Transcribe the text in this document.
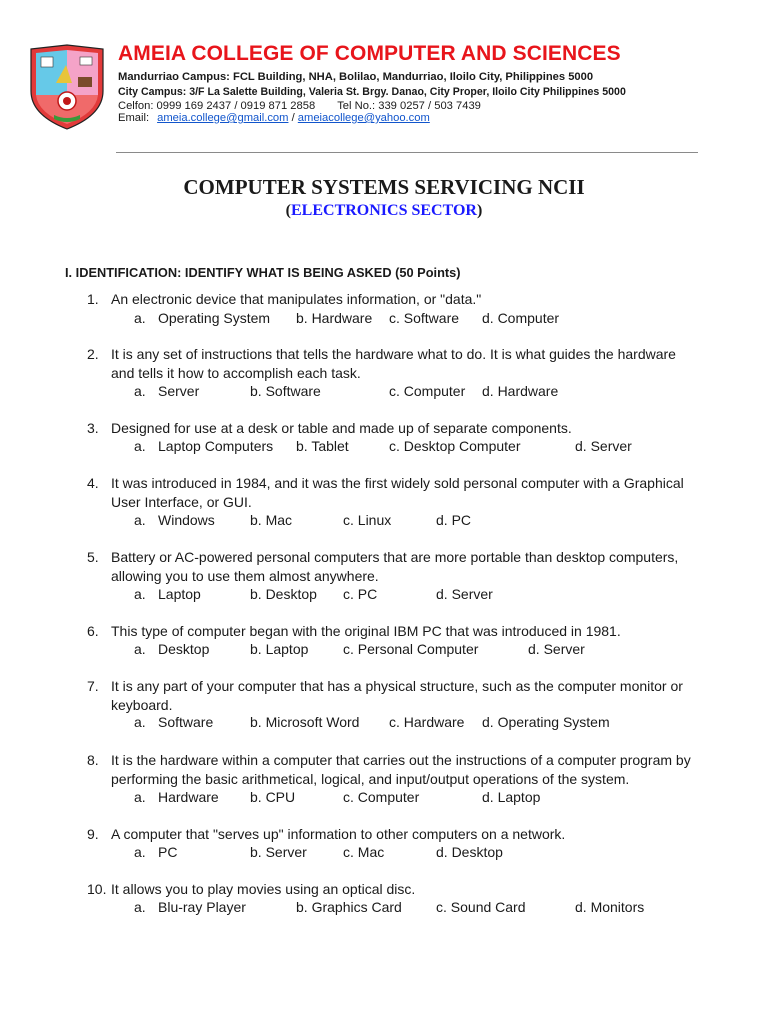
AMEIA COLLEGE OF COMPUTER AND SCIENCES
Mandurriao Campus: FCL Building, NHA, Bolilao, Mandurriao, Iloilo City, Philippines 5000
City Campus: 3/F La Salette Building, Valeria St. Brgy. Danao, City Proper, Iloilo City Philippines 5000
Celfon: 0999 169 2437 / 0919 871 2858 Tel No.: 339 0257 / 503 7439
Email: ameia.college@gmail.com / ameiacollege@yahoo.com
COMPUTER SYSTEMS SERVICING NCII
(ELECTRONICS SECTOR)
I. IDENTIFICATION: IDENTIFY WHAT IS BEING ASKED (50 Points)
1. An electronic device that manipulates information, or "data."
a. Operating System b. Hardware c. Software d. Computer
2. It is any set of instructions that tells the hardware what to do. It is what guides the hardware and tells it how to accomplish each task.
a. Server	b. Software	c. Computer d. Hardware
3. Designed for use at a desk or table and made up of separate components.
a. Laptop Computers b. Tablet	c. Desktop Computer	d. Server
4. It was introduced in 1984, and it was the first widely sold personal computer with a Graphical User Interface, or GUI.
a. Windows	b. Mac	c. Linux	d. PC
5. Battery or AC-powered personal computers that are more portable than desktop computers, allowing you to use them almost anywhere.
a. Laptop	b. Desktop c. PC	d. Server
6. This type of computer began with the original IBM PC that was introduced in 1981.
a. Desktop	b. Laptop c. Personal Computer	d. Server
7. It is any part of your computer that has a physical structure, such as the computer monitor or keyboard.
a. Software	b. Microsoft Word c. Hardware d. Operating System
8. It is the hardware within a computer that carries out the instructions of a computer program by performing the basic arithmetical, logical, and input/output operations of the system.
a. Hardware b. CPU	c. Computer	d. Laptop
9. A computer that "serves up" information to other computers on a network.
a. PC	b. Server	c. Mac	d. Desktop
10. It allows you to play movies using an optical disc.
a. Blu-ray Player	b. Graphics Card c. Sound Card	d. Monitors
